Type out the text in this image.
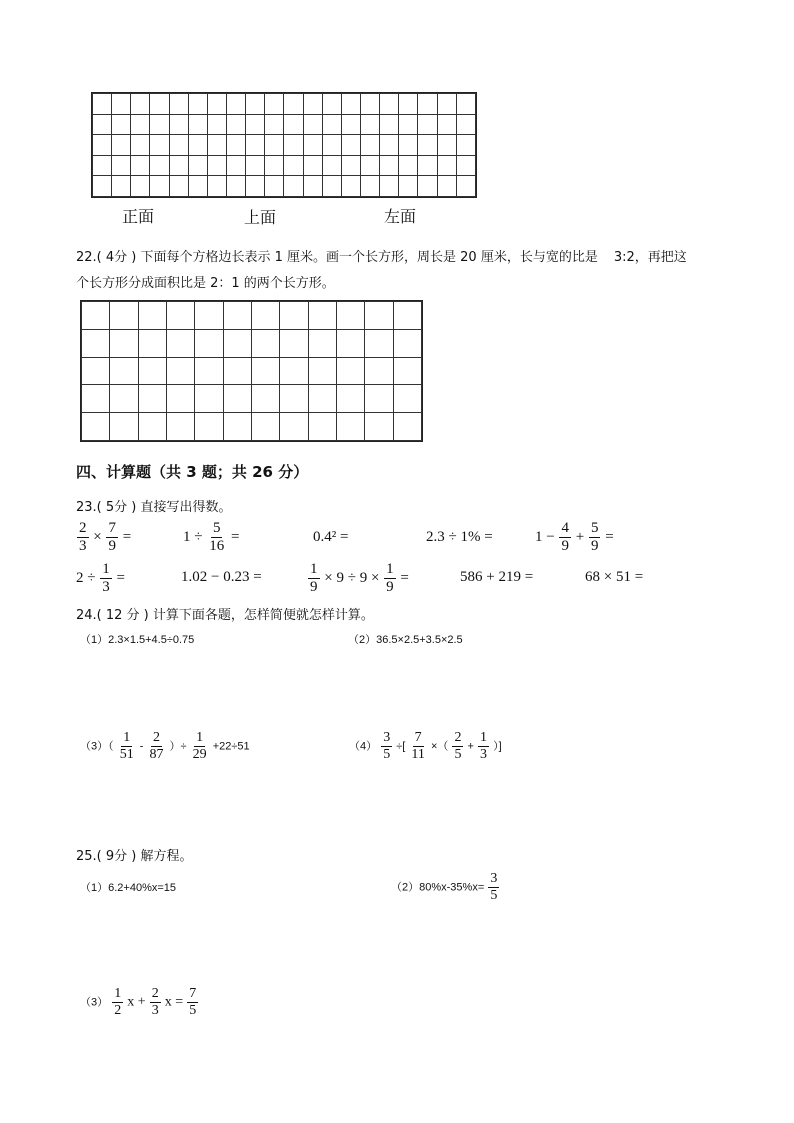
正面	上面	左面
22.( 4分 ) 下面每个方格边长表示 1 厘米。画一个长方形，周长是 20 厘米，长与宽的比是 3:2，再把这
个长方形分成面积比是 2：1 的两个长方形。

四、计算题（共 3 题；共 26 分）
23.( 5分 ) 直接写出得数。
$\frac{2}{3} \times \frac{7}{9}$ =	$1 \div \frac{5}{16}$ =	0.4² =	2.3 ÷ 1% =	$1 - \frac{4}{9} + \frac{5}{9}$ =
$2 \div \frac{1}{3}$ =	1.02 − 0.23 =	$\frac{1}{9} \times 9 \div 9 \times \frac{1}{9}$ =	586 + 219 =	68 × 51 =
24.( 12 分 ) 计算下面各题，怎样简便就怎样计算。
（1）2.3×1.5+4.5÷0.75	（2）36.5×2.5+3.5×2.5
$(3)( \frac{1}{51} - \frac{2}{87}$ ）÷ $\frac{1}{29} +22\div 51$	$(4) \frac{3}{5}$ ÷[ $\frac{7}{11}$ ×（ $\frac{2}{5} + \frac{1}{3}$ ）]
25.( 9分 ) 解方程。
（1）6.2+40%x=15	$(2)80\%x-35\%x= \frac{3}{5}$
$(3) \frac{1}{2}$ $x + \frac{2}{3}$ $x = \frac{7}{5}$
